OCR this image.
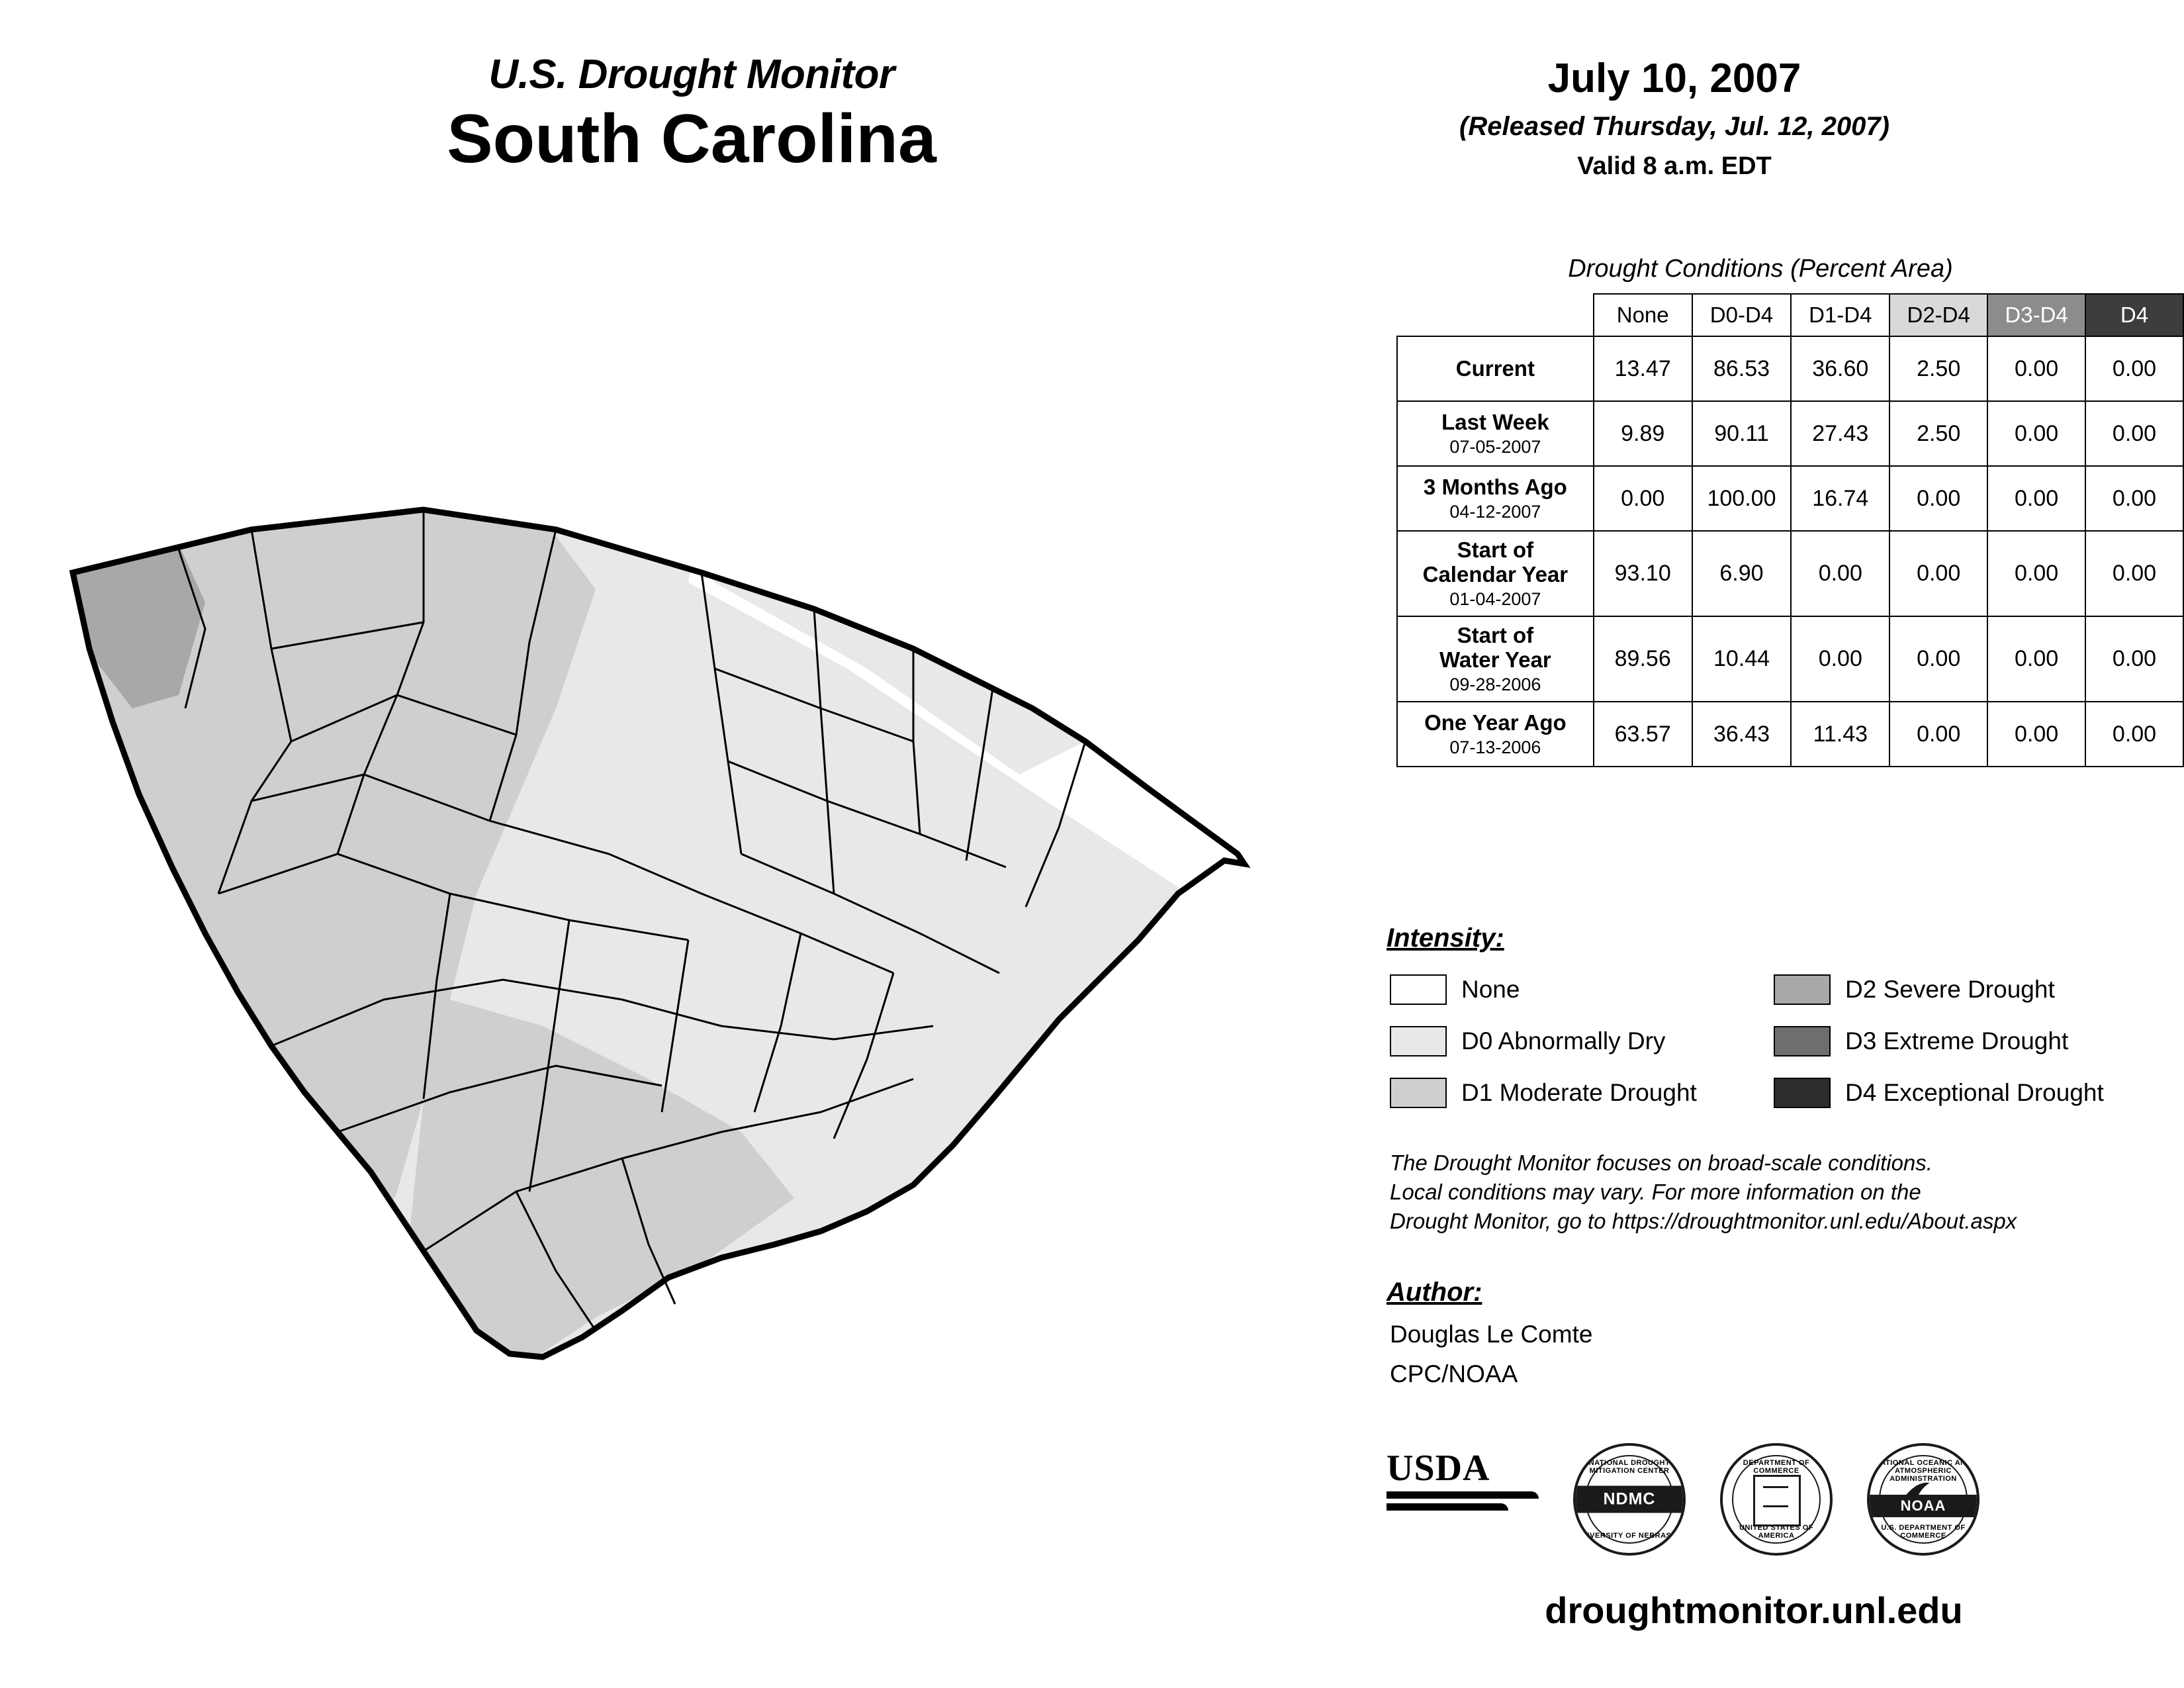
U.S. Drought Monitor
South Carolina
July 10, 2007
(Released Thursday, Jul. 12, 2007)
Valid 8 a.m. EDT
Drought Conditions (Percent Area)
	None	D0-D4	D1-D4	D2-D4	D3-D4	D4
Current	13.47	86.53	36.60	2.50	0.00	0.00
Last Week
07-05-2007	9.89	90.11	27.43	2.50	0.00	0.00
3 Months Ago
04-12-2007	0.00	100.00	16.74	0.00	0.00	0.00
Start of
Calendar Year
01-04-2007	93.10	6.90	0.00	0.00	0.00	0.00
Start of
Water Year
09-28-2006	89.56	10.44	0.00	0.00	0.00	0.00
One Year Ago
07-13-2006	63.57	36.43	11.43	0.00	0.00	0.00
Intensity:
None
D0 Abnormally Dry
D1 Moderate Drought
D2 Severe Drought
D3 Extreme Drought
D4 Exceptional Drought
The Drought Monitor focuses on broad-scale conditions.
Local conditions may vary. For more information on the
Drought Monitor, go to https://droughtmonitor.unl.edu/About.aspx
Author:
Douglas Le Comte
CPC/NOAA
USDA	NATIONAL DROUGHT MITIGATION CENTER
NDMC
UNIVERSITY OF NEBRASKA
DEPARTMENT OF COMMERCE
UNITED STATES OF AMERICA
NATIONAL OCEANIC AND ATMOSPHERIC ADMINISTRATION
NOAA
U.S. DEPARTMENT OF COMMERCE
droughtmonitor.unl.edu
